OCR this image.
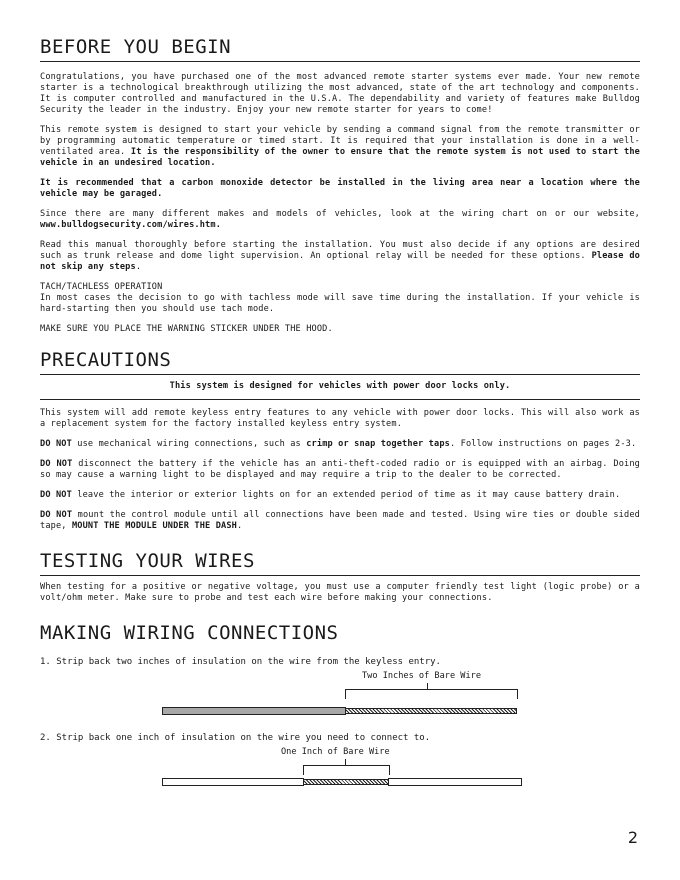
BEFORE YOU BEGIN

Congratulations, you have purchased one of the most advanced remote starter systems ever made. Your new remote starter is a technological breakthrough utilizing the most advanced, state of the art technology and components. It is computer controlled and manufactured in the U.S.A. The dependability and variety of features make Bulldog Security the leader in the industry. Enjoy your new remote starter for years to come!

This remote system is designed to start your vehicle by sending a command signal from the remote transmitter or by programming automatic temperature or timed start. It is required that your installation is done in a well-ventilated area. It is the responsibility of the owner to ensure that the remote system is not used to start the vehicle in an undesired location.

It is recommended that a carbon monoxide detector be installed in the living area near a location where the vehicle may be garaged.

Since there are many different makes and models of vehicles, look at the wiring chart on or our website, www.bulldogsecurity.com/wires.htm.

Read this manual thoroughly before starting the installation. You must also decide if any options are desired such as trunk release and dome light supervision. An optional relay will be needed for these options. Please do not skip any steps.

TACH/TACHLESS OPERATION
In most cases the decision to go with tachless mode will save time during the installation. If your vehicle is hard-starting then you should use tach mode.

MAKE SURE YOU PLACE THE WARNING STICKER UNDER THE HOOD.

PRECAUTIONS

This system is designed for vehicles with power door locks only.

This system will add remote keyless entry features to any vehicle with power door locks. This will also work as a replacement system for the factory installed keyless entry system.

DO NOT use mechanical wiring connections, such as crimp or snap together taps. Follow instructions on pages 2-3.

DO NOT disconnect the battery if the vehicle has an anti-theft-coded radio or is equipped with an airbag. Doing so may cause a warning light to be displayed and may require a trip to the dealer to be corrected.

DO NOT leave the interior or exterior lights on for an extended period of time as it may cause battery drain.

DO NOT mount the control module until all connections have been made and tested. Using wire ties or double sided tape, MOUNT THE MODULE UNDER THE DASH.

TESTING YOUR WIRES

When testing for a positive or negative voltage, you must use a computer friendly test light (logic probe) or a volt/ohm meter. Make sure to probe and test each wire before making your connections.

MAKING WIRING CONNECTIONS
1. Strip back two inches of insulation on the wire from the keyless entry.
Two Inches of Bare Wire
2. Strip back one inch of insulation on the wire you need to connect to.
One Inch of Bare Wire
2
